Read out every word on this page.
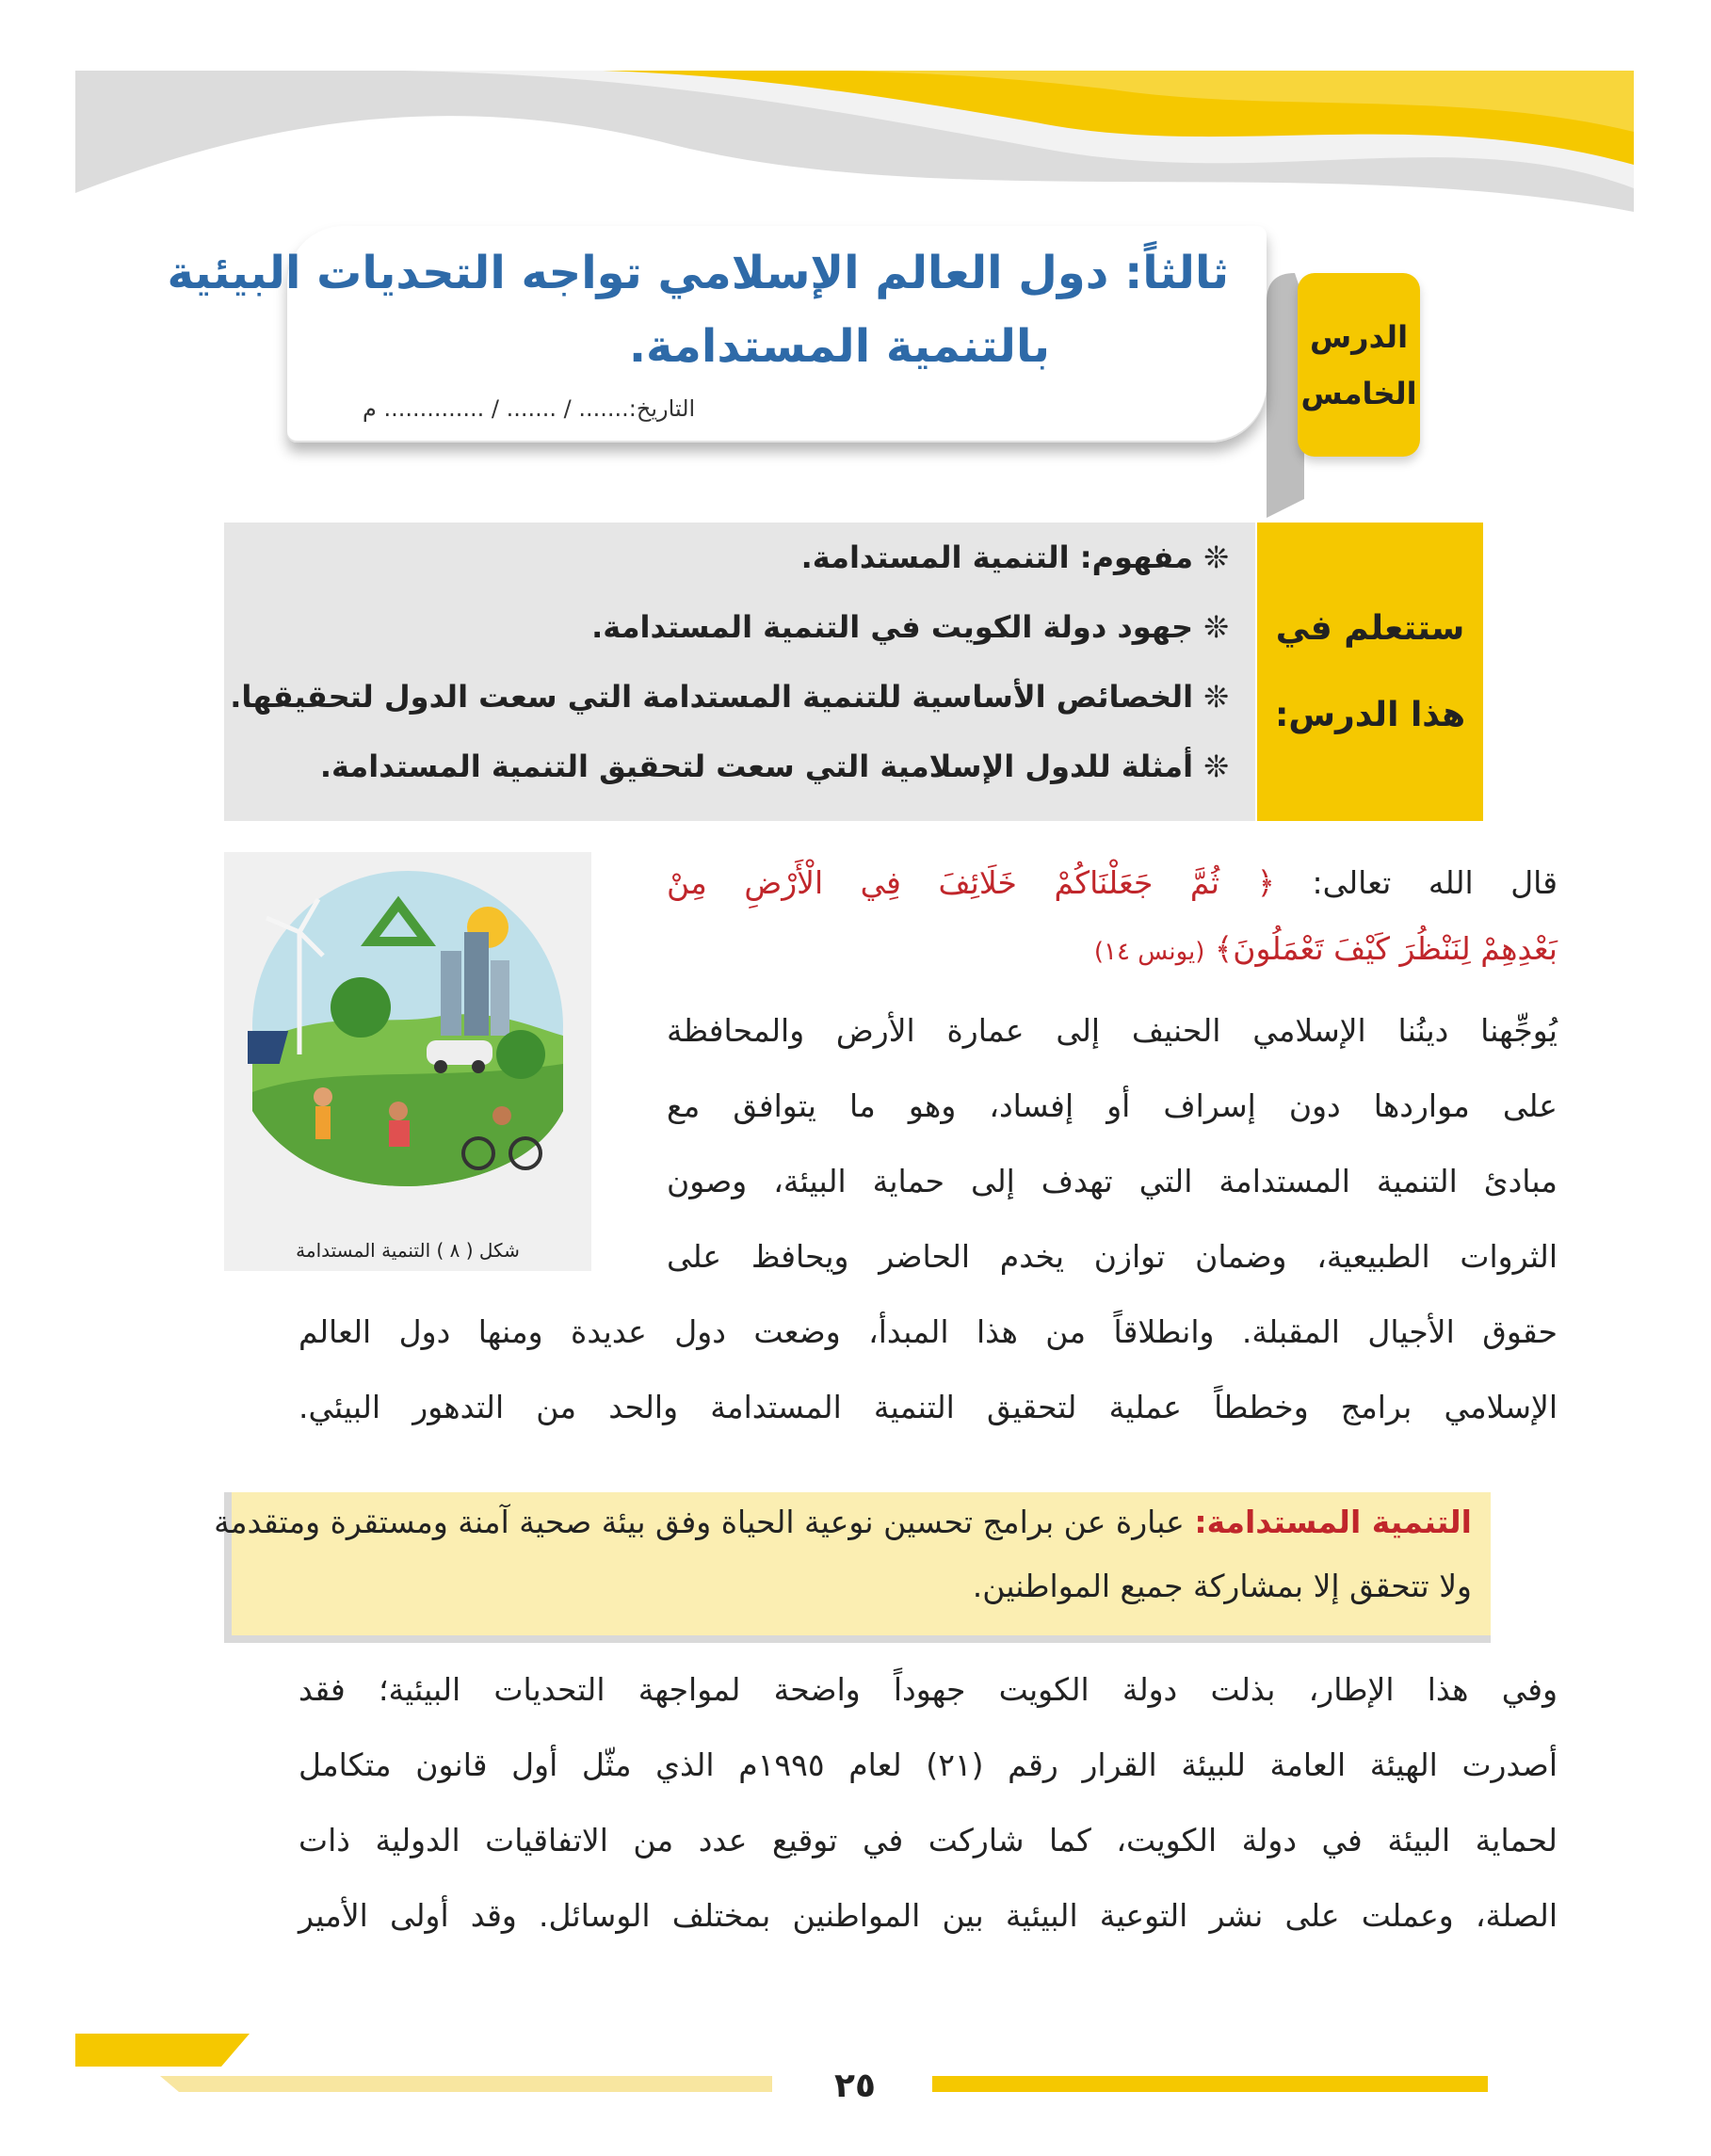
الدرس
الخامس
ثالثاً: دول العالم الإسلامي تواجه التحديات البيئية
بالتنمية المستدامة.
التاريخ:....... / ....... / .............. م
ستتعلم في
هذا الدرس:
❊ مفهوم: التنمية المستدامة.
❊ جهود دولة الكويت في التنمية المستدامة.
❊ الخصائص الأساسية للتنمية المستدامة التي سعت الدول لتحقيقها.
❊ أمثلة للدول الإسلامية التي سعت لتحقيق التنمية المستدامة.
شكل ( ٨ ) التنمية المستدامة
قال الله تعالى: ﴿ ثُمَّ جَعَلْنَاكُمْ خَلَائِفَ فِي الْأَرْضِ مِنْ
بَعْدِهِمْ لِنَنْظُرَ كَيْفَ تَعْمَلُونَ﴾ (يونس ١٤)
يُوجِّهنا دينُنا الإسلامي الحنيف إلى عمارة الأرض والمحافظة
على مواردها دون إسراف أو إفساد، وهو ما يتوافق مع
مبادئ التنمية المستدامة التي تهدف إلى حماية البيئة، وصون
الثروات الطبيعية، وضمان توازن يخدم الحاضر ويحافظ على
حقوق الأجيال المقبلة. وانطلاقاً من هذا المبدأ، وضعت دول عديدة ومنها دول العالم
الإسلامي برامج وخططاً عملية لتحقيق التنمية المستدامة والحد من التدهور البيئي.
التنمية المستدامة: عبارة عن برامج تحسين نوعية الحياة وفق بيئة صحية آمنة ومستقرة ومتقدمة
ولا تتحقق إلا بمشاركة جميع المواطنين.
وفي هذا الإطار، بذلت دولة الكويت جهوداً واضحة لمواجهة التحديات البيئية؛ فقد
أصدرت الهيئة العامة للبيئة القرار رقم (٢١) لعام ١٩٩٥م الذي مثّل أول قانون متكامل
لحماية البيئة في دولة الكويت، كما شاركت في توقيع عدد من الاتفاقيات الدولية ذات
الصلة، وعملت على نشر التوعية البيئية بين المواطنين بمختلف الوسائل. وقد أولى الأمير
٢٥
